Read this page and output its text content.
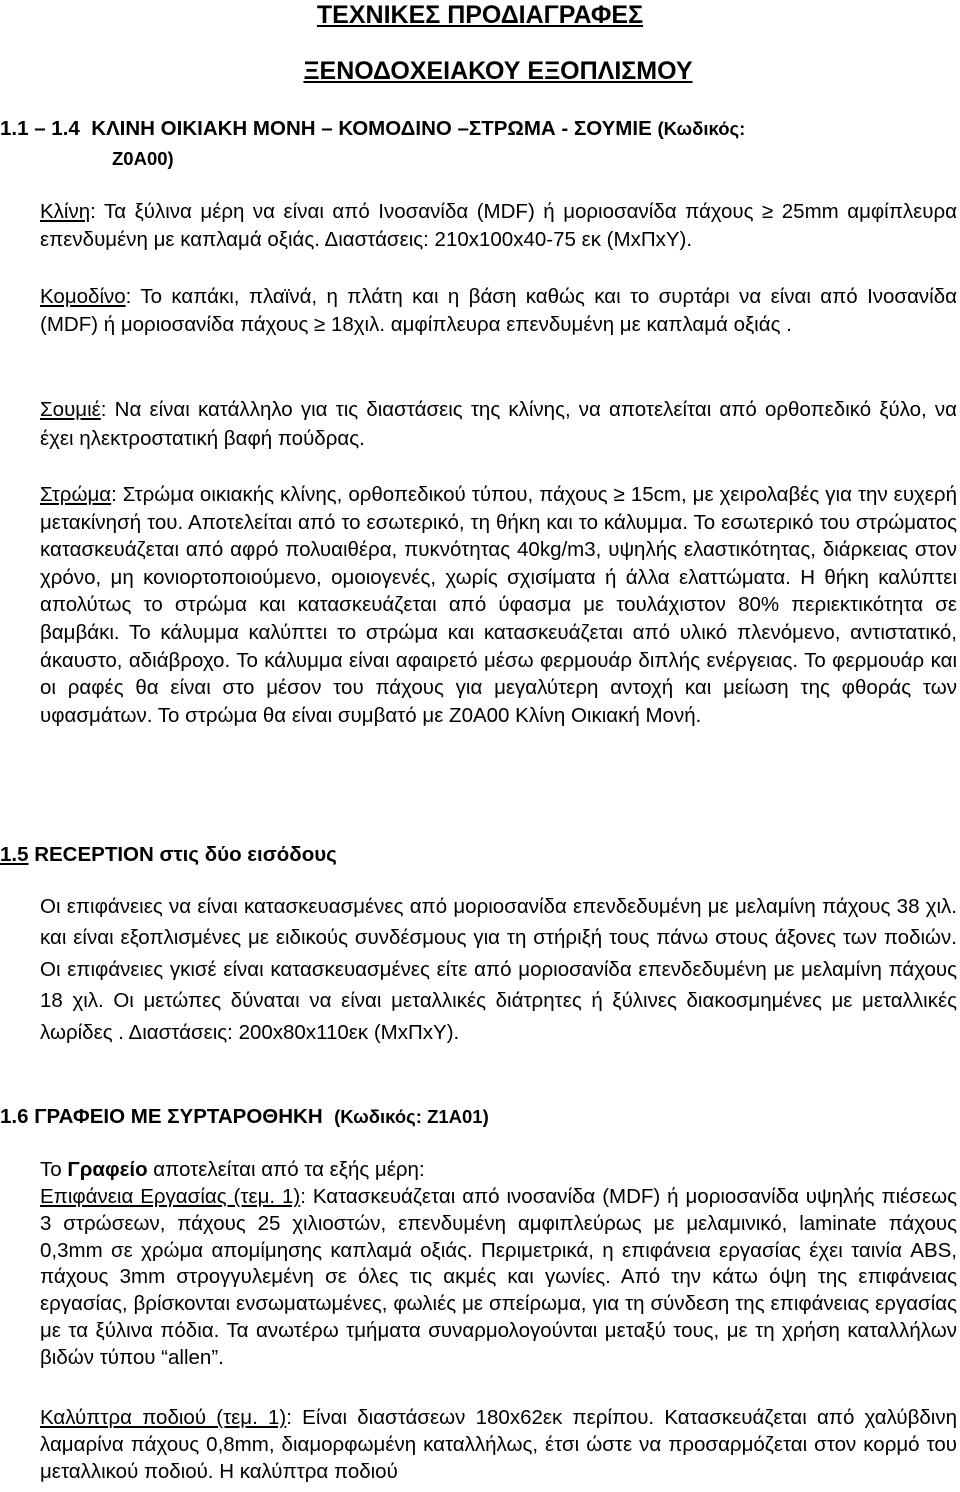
ΤΕΧΝΙΚΕΣ ΠΡΟΔΙΑΓΡΑΦΕΣ
ΞΕΝΟΔΟΧΕΙΑΚΟΥ ΕΞΟΠΛΙΣΜΟΥ
1.1 – 1.4 ΚΛΙΝΗ ΟΙΚΙΑΚΗ ΜΟΝΗ – ΚΟΜΟΔΙΝΟ –ΣΤΡΩΜΑ - ΣΟΥΜΙΕ (Κωδικός:
Z0A00)

Κλίνη: Τα ξύλινα μέρη να είναι από Ινοσανίδα (MDF) ή μοριοσανίδα πάχους ≥ 25mm αμφίπλευρα επενδυμένη με καπλαμά οξιάς. Διαστάσεις: 210x100x40-75 εκ (ΜxΠxΥ).

Κομοδίνο: Το καπάκι, πλαϊνά, η πλάτη και η βάση καθώς και το συρτάρι να είναι από Ινοσανίδα (MDF) ή μοριοσανίδα πάχους ≥ 18χιλ. αμφίπλευρα επενδυμένη με καπλαμά οξιάς .

Σουμιέ: Να είναι κατάλληλο για τις διαστάσεις της κλίνης, να αποτελείται από ορθοπεδικό ξύλο, να έχει ηλεκτροστατική βαφή πούδρας.

Στρώμα: Στρώμα οικιακής κλίνης, ορθοπεδικού τύπου, πάχους ≥ 15cm, με χειρολαβές για την ευχερή μετακίνησή του. Αποτελείται από το εσωτερικό, τη θήκη και το κάλυμμα. Το εσωτερικό του στρώματος κατασκευάζεται από αφρό πολυαιθέρα, πυκνότητας 40kg/m3, υψηλής ελαστικότητας, διάρκειας στον χρόνο, μη κονιορτοποιούμενο, ομοιογενές, χωρίς σχισίματα ή άλλα ελαττώματα. Η θήκη καλύπτει απολύτως το στρώμα και κατασκευάζεται από ύφασμα με τουλάχιστον 80% περιεκτικότητα σε βαμβάκι. Το κάλυμμα καλύπτει το στρώμα και κατασκευάζεται από υλικό πλενόμενο, αντιστατικό, άκαυστο, αδιάβροχο. Το κάλυμμα είναι αφαιρετό μέσω φερμουάρ διπλής ενέργειας. Το φερμουάρ και οι ραφές θα είναι στο μέσον του πάχους για μεγαλύτερη αντοχή και μείωση της φθοράς των υφασμάτων. Το στρώμα θα είναι συμβατό με Z0A00 Κλίνη Οικιακή Μονή.

1.5 RECEPTION στις δύο εισόδους

Οι επιφάνειες να είναι κατασκευασμένες από μοριοσανίδα επενδεδυμένη με μελαμίνη πάχους 38 χιλ. και είναι εξοπλισμένες με ειδικούς συνδέσμους για τη στήριξή τους πάνω στους άξονες των ποδιών. Οι επιφάνειες γκισέ είναι κατασκευασμένες είτε από μοριοσανίδα επενδεδυμένη με μελαμίνη πάχους 18 χιλ. Οι μετώπες δύναται να είναι μεταλλικές διάτρητες ή ξύλινες διακοσμημένες με μεταλλικές λωρίδες . Διαστάσεις: 200x80x110εκ (ΜxΠxΥ).

1.6 ΓΡΑΦΕΙΟ ΜΕ ΣΥΡΤΑΡΟΘΗΚΗ (Κωδικός: Z1A01)

Το Γραφείο αποτελείται από τα εξής μέρη:

Επιφάνεια Εργασίας (τεμ. 1): Κατασκευάζεται από ινοσανίδα (MDF) ή μοριοσανίδα υψηλής πιέσεως 3 στρώσεων, πάχους 25 χιλιοστών, επενδυμένη αμφιπλεύρως με μελαμινικό, laminate πάχους 0,3mm σε χρώμα απομίμησης καπλαμά οξιάς. Περιμετρικά, η επιφάνεια εργασίας έχει ταινία ABS, πάχους 3mm στρογγυλεμένη σε όλες τις ακμές και γωνίες. Από την κάτω όψη της επιφάνειας εργασίας, βρίσκονται ενσωματωμένες, φωλιές με σπείρωμα, για τη σύνδεση της επιφάνειας εργασίας με τα ξύλινα πόδια. Τα ανωτέρω τμήματα συναρμολογούνται μεταξύ τους, με τη χρήση καταλλήλων βιδών τύπου “allen”.

Καλύπτρα ποδιού (τεμ. 1): Είναι διαστάσεων 180x62εκ περίπου. Κατασκευάζεται από χαλύβδινη λαμαρίνα πάχους 0,8mm, διαμορφωμένη καταλλήλως, έτσι ώστε να προσαρμόζεται στον κορμό του μεταλλικού ποδιού. Η καλύπτρα ποδιού
